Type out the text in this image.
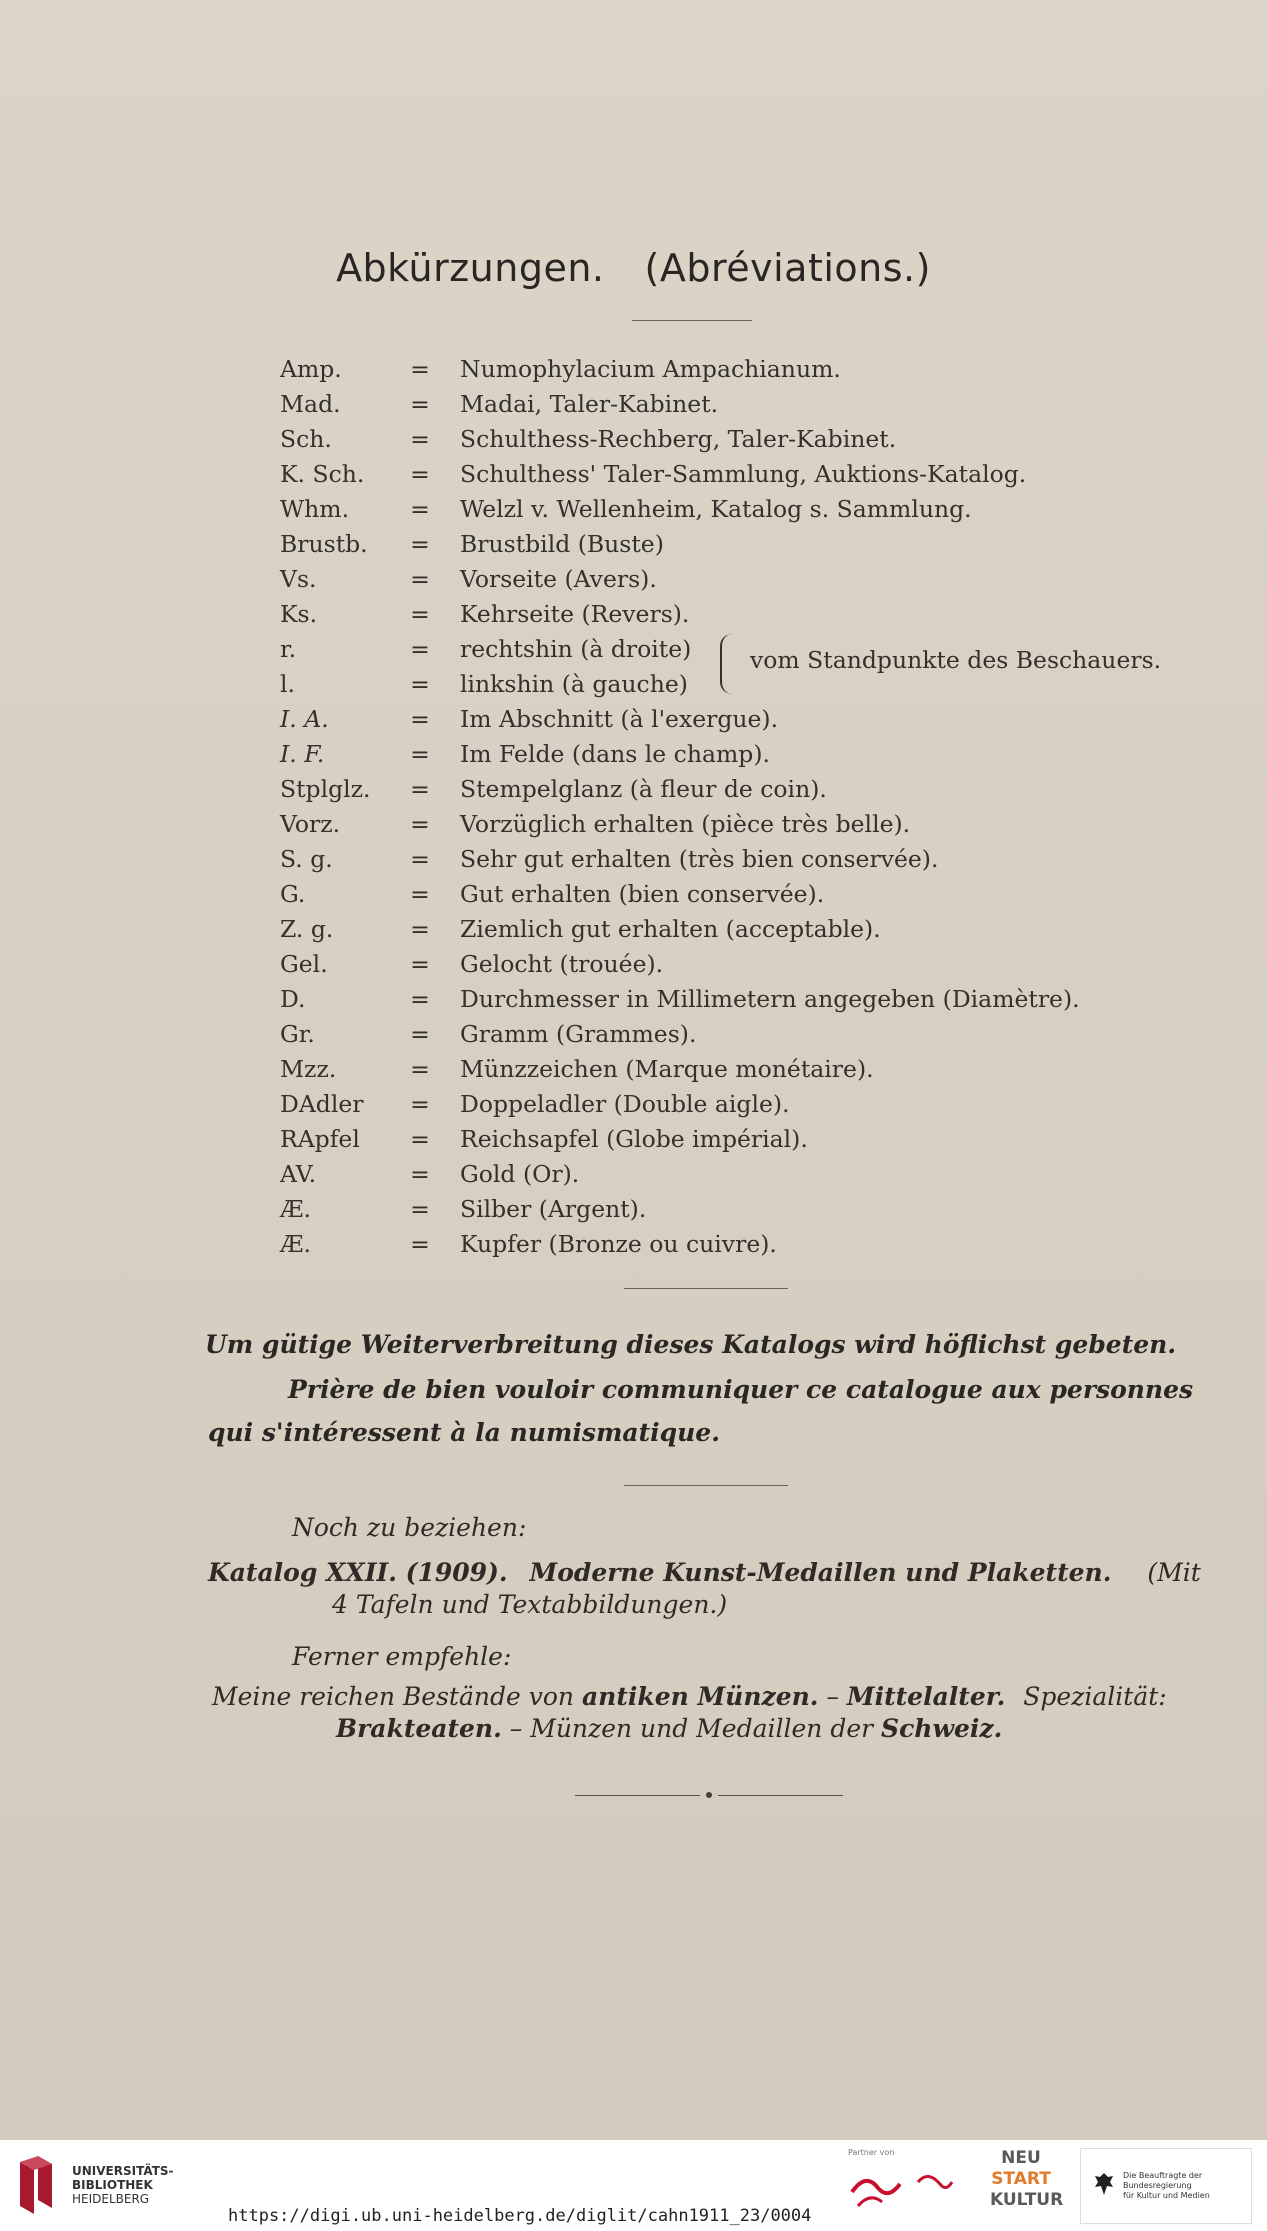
Abkürzungen. (Abréviations.)
Amp.	= Numophylacium Ampachianum.
Mad.	= Madai, Taler-Kabinet.
Sch.	= Schulthess-Rechberg, Taler-Kabinet.
K. Sch.	= Schulthess' Taler-Sammlung, Auktions-Katalog.
Whm.	= Welzl v. Wellenheim, Katalog s. Sammlung.
Brustb.	= Brustbild (Buste)
Vs.	= Vorseite (Avers).
Ks.	= Kehrseite (Revers).
r.	= rechtshin (à droite)
l.	= linkshin (à gauche)
I. A.	= Im Abschnitt (à l'exergue).
I. F.	= Im Felde (dans le champ).
Stplglz.	= Stempelglanz (à fleur de coin).
Vorz.	= Vorzüglich erhalten (pièce très belle).
S. g.	= Sehr gut erhalten (très bien conservée).
G.	= Gut erhalten (bien conservée).
Z. g.	= Ziemlich gut erhalten (acceptable).
Gel.	= Gelocht (trouée).
D.	= Durchmesser in Millimetern angegeben (Diamètre).
Gr.	= Gramm (Grammes).
Mzz.	= Münzzeichen (Marque monétaire).
DAdler	= Doppeladler (Double aigle).
RApfel	= Reichsapfel (Globe impérial).
AV.	= Gold (Or).
Æ.	= Silber (Argent).
Æ.	= Kupfer (Bronze ou cuivre).
vom Standpunkte des Beschauers.
Um gütige Weiterverbreitung dieses Katalogs wird höflichst gebeten.
Prière de bien vouloir communiquer ce catalogue aux personnes
qui s'intéressent à la numismatique.
Noch zu beziehen:
Katalog XXII. (1909). Moderne Kunst-Medaillen und Plaketten. (Mit
4 Tafeln und Textabbildungen.)
Ferner empfehle:
Meine reichen Bestände von antiken Münzen. – Mittelalter. Spezialität:
Brakteaten. – Münzen und Medaillen der Schweiz.
UNIVERSITÄTS-
BIBLIOTHEK
HEIDELBERG
https://digi.ub.uni-heidelberg.de/diglit/cahn1911_23/0004
Partner von	NEU
START
KULTUR
Die Beauftragte der Bundesregierung
für Kultur und Medien
